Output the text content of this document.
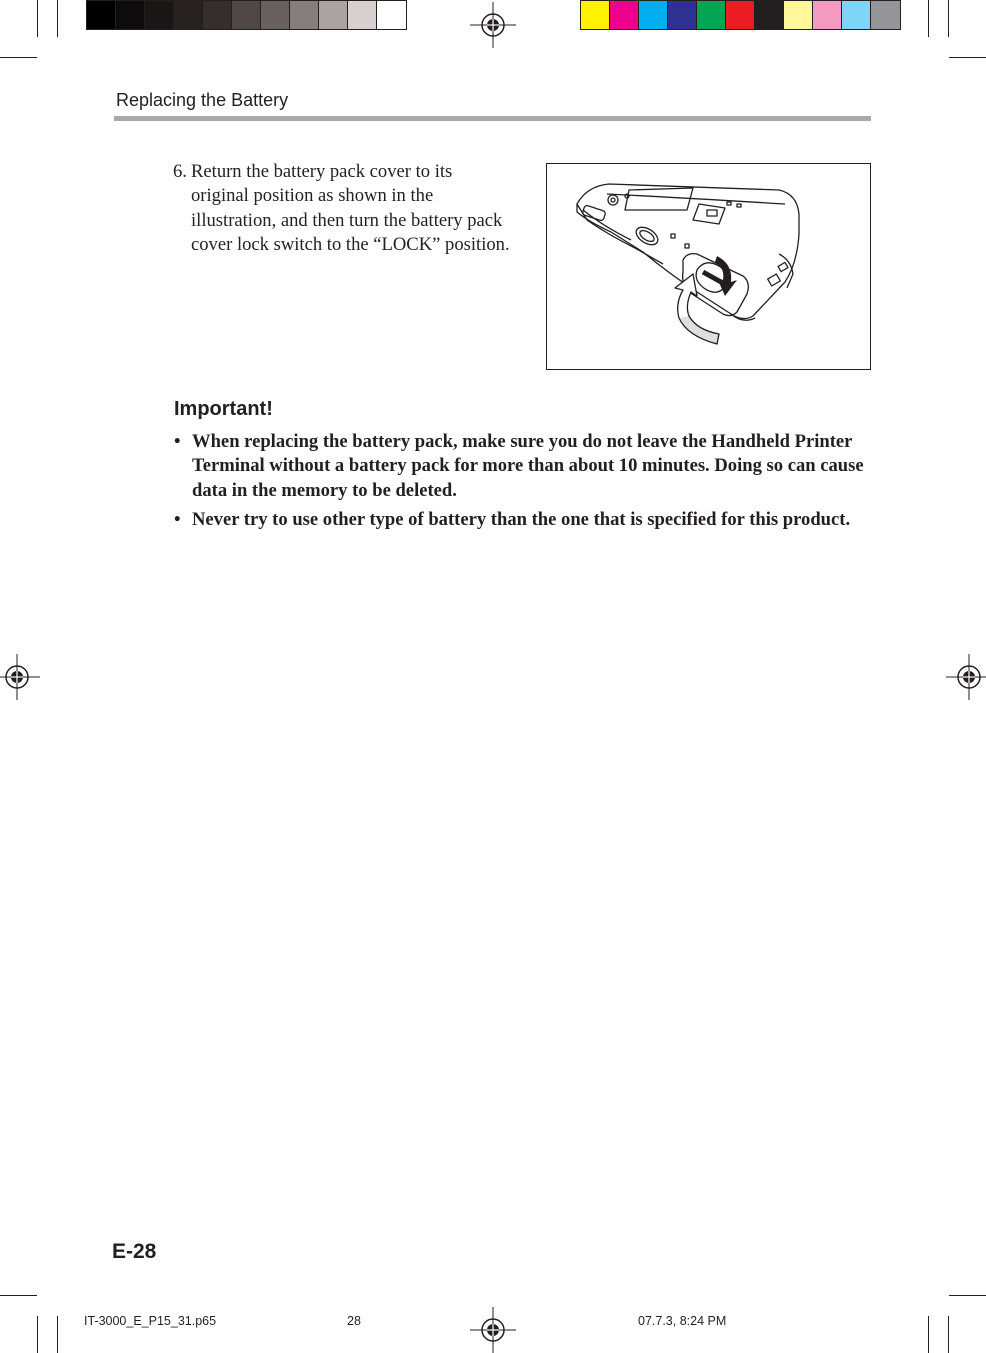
Replacing the Battery
6. Return the battery pack cover to its original position as shown in the illustration, and then turn the battery pack cover lock switch to the “LOCK” position.
Important!
• When replacing the battery pack, make sure you do not leave the Handheld Printer Terminal without a battery pack for more than about 10 minutes. Doing so can cause data in the memory to be deleted.
• Never try to use other type of battery than the one that is specified for this product.
E-28
IT-3000_E_P15_31.p65	28	07.7.3, 8:24 PM
